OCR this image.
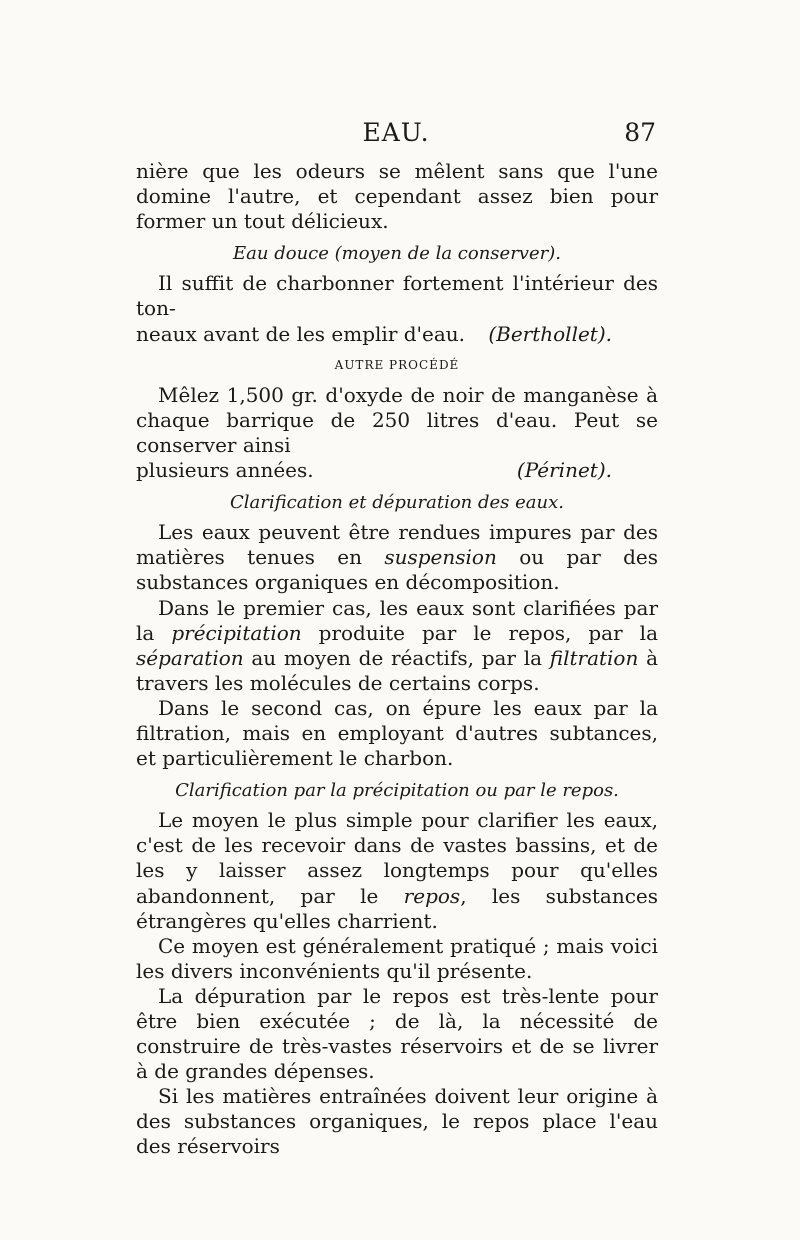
EAU.	87

nière que les odeurs se mêlent sans que l'une domine l'autre, et cependant assez bien pour former un tout délicieux.

Eau douce (moyen de la conserver).

Il suffit de charbonner fortement l'intérieur des ton-

neaux avant de les emplir d'eau. (Berthollet).
AUTRE PROCÉDÉ

Mêlez 1,500 gr. d'oxyde de noir de manganèse à chaque barrique de 250 litres d'eau. Peut se conserver ainsi

plusieurs années.	(Périnet).
Clarification et dépuration des eaux.

Les eaux peuvent être rendues impures par des matières tenues en suspension ou par des substances organiques en décomposition.

Dans le premier cas, les eaux sont clarifiées par la précipitation produite par le repos, par la séparation au moyen de réactifs, par la filtration à travers les molécules de certains corps.

Dans le second cas, on épure les eaux par la filtration, mais en employant d'autres subtances, et particulièrement le charbon.

Clarification par la précipitation ou par le repos.

Le moyen le plus simple pour clarifier les eaux, c'est de les recevoir dans de vastes bassins, et de les y laisser assez longtemps pour qu'elles abandonnent, par le repos, les substances étrangères qu'elles charrient.

Ce moyen est généralement pratiqué ; mais voici les divers inconvénients qu'il présente.

La dépuration par le repos est très-lente pour être bien exécutée ; de là, la nécessité de construire de très-vastes réservoirs et de se livrer à de grandes dépenses.

Si les matières entraînées doivent leur origine à des substances organiques, le repos place l'eau des réservoirs
